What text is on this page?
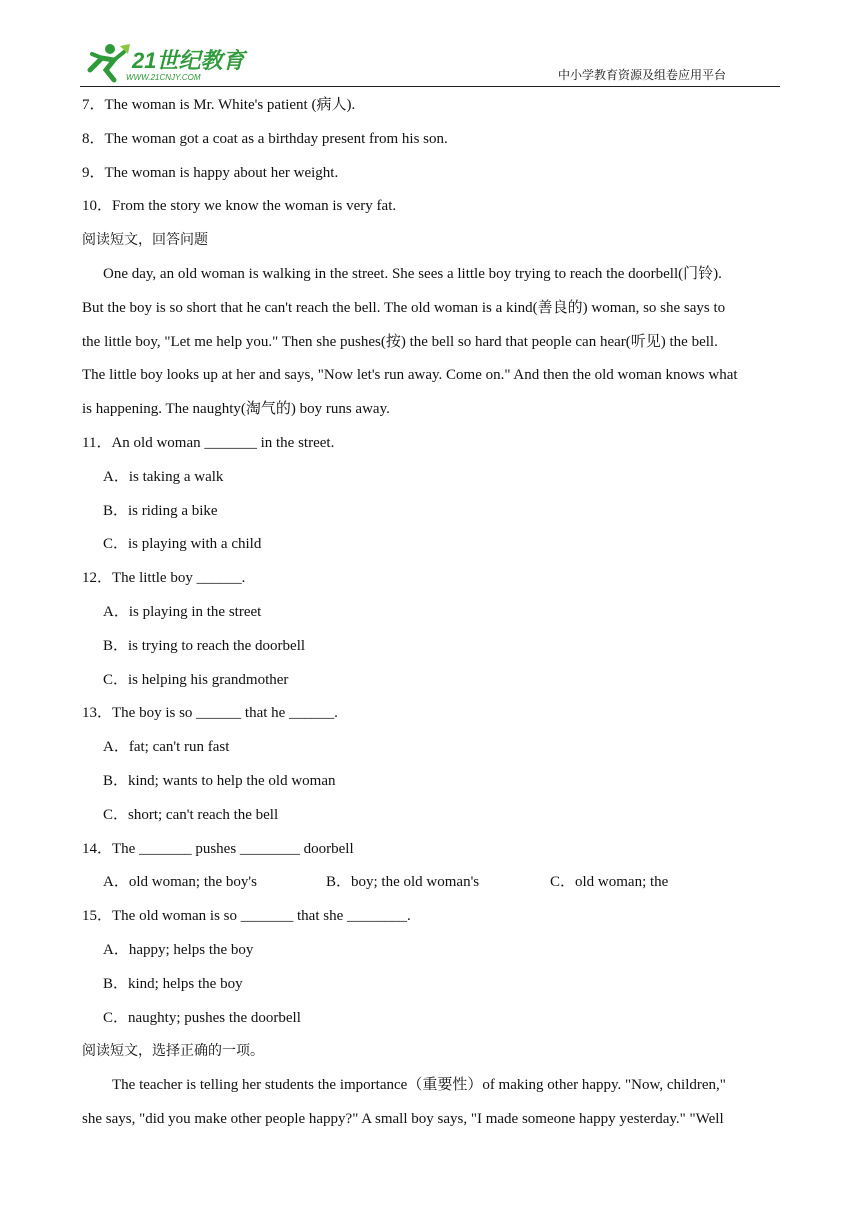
21世纪教育
WWW.21CNJY.COM	中小学教育资源及组卷应用平台
7．The woman is Mr. White's patient (病人).
8．The woman got a coat as a birthday present from his son.
9．The woman is happy about her weight.
10．From the story we know the woman is very fat.
阅读短文，回答问题
One day, an old woman is walking in the street. She sees a little boy trying to reach the doorbell(门铃).
But the boy is so short that he can't reach the bell. The old woman is a kind(善良的) woman, so she says to
the little boy, "Let me help you." Then she pushes(按) the bell so hard that people can hear(听见) the bell.
The little boy looks up at her and says, "Now let's run away. Come on." And then the old woman knows what
is happening. The naughty(淘气的) boy runs away.
11．An old woman _______ in the street.
A．is taking a walk
B．is riding a bike
C．is playing with a child
12．The little boy ______.
A．is playing in the street
B．is trying to reach the doorbell
C．is helping his grandmother
13．The boy is so ______ that he ______.
A．fat; can't run fast
B．kind; wants to help the old woman
C．short; can't reach the bell
14．The _______ pushes ________ doorbell
A．old woman; the boy's	B．boy; the old woman's	C．old woman; the
15．The old woman is so _______ that she ________.
A．happy; helps the boy
B．kind; helps the boy
C．naughty; pushes the doorbell
阅读短文，选择正确的一项。
The teacher is telling her students the importance（重要性）of making other happy. "Now, children,"
she says, "did you make other people happy?" A small boy says, "I made someone happy yesterday." "Well
